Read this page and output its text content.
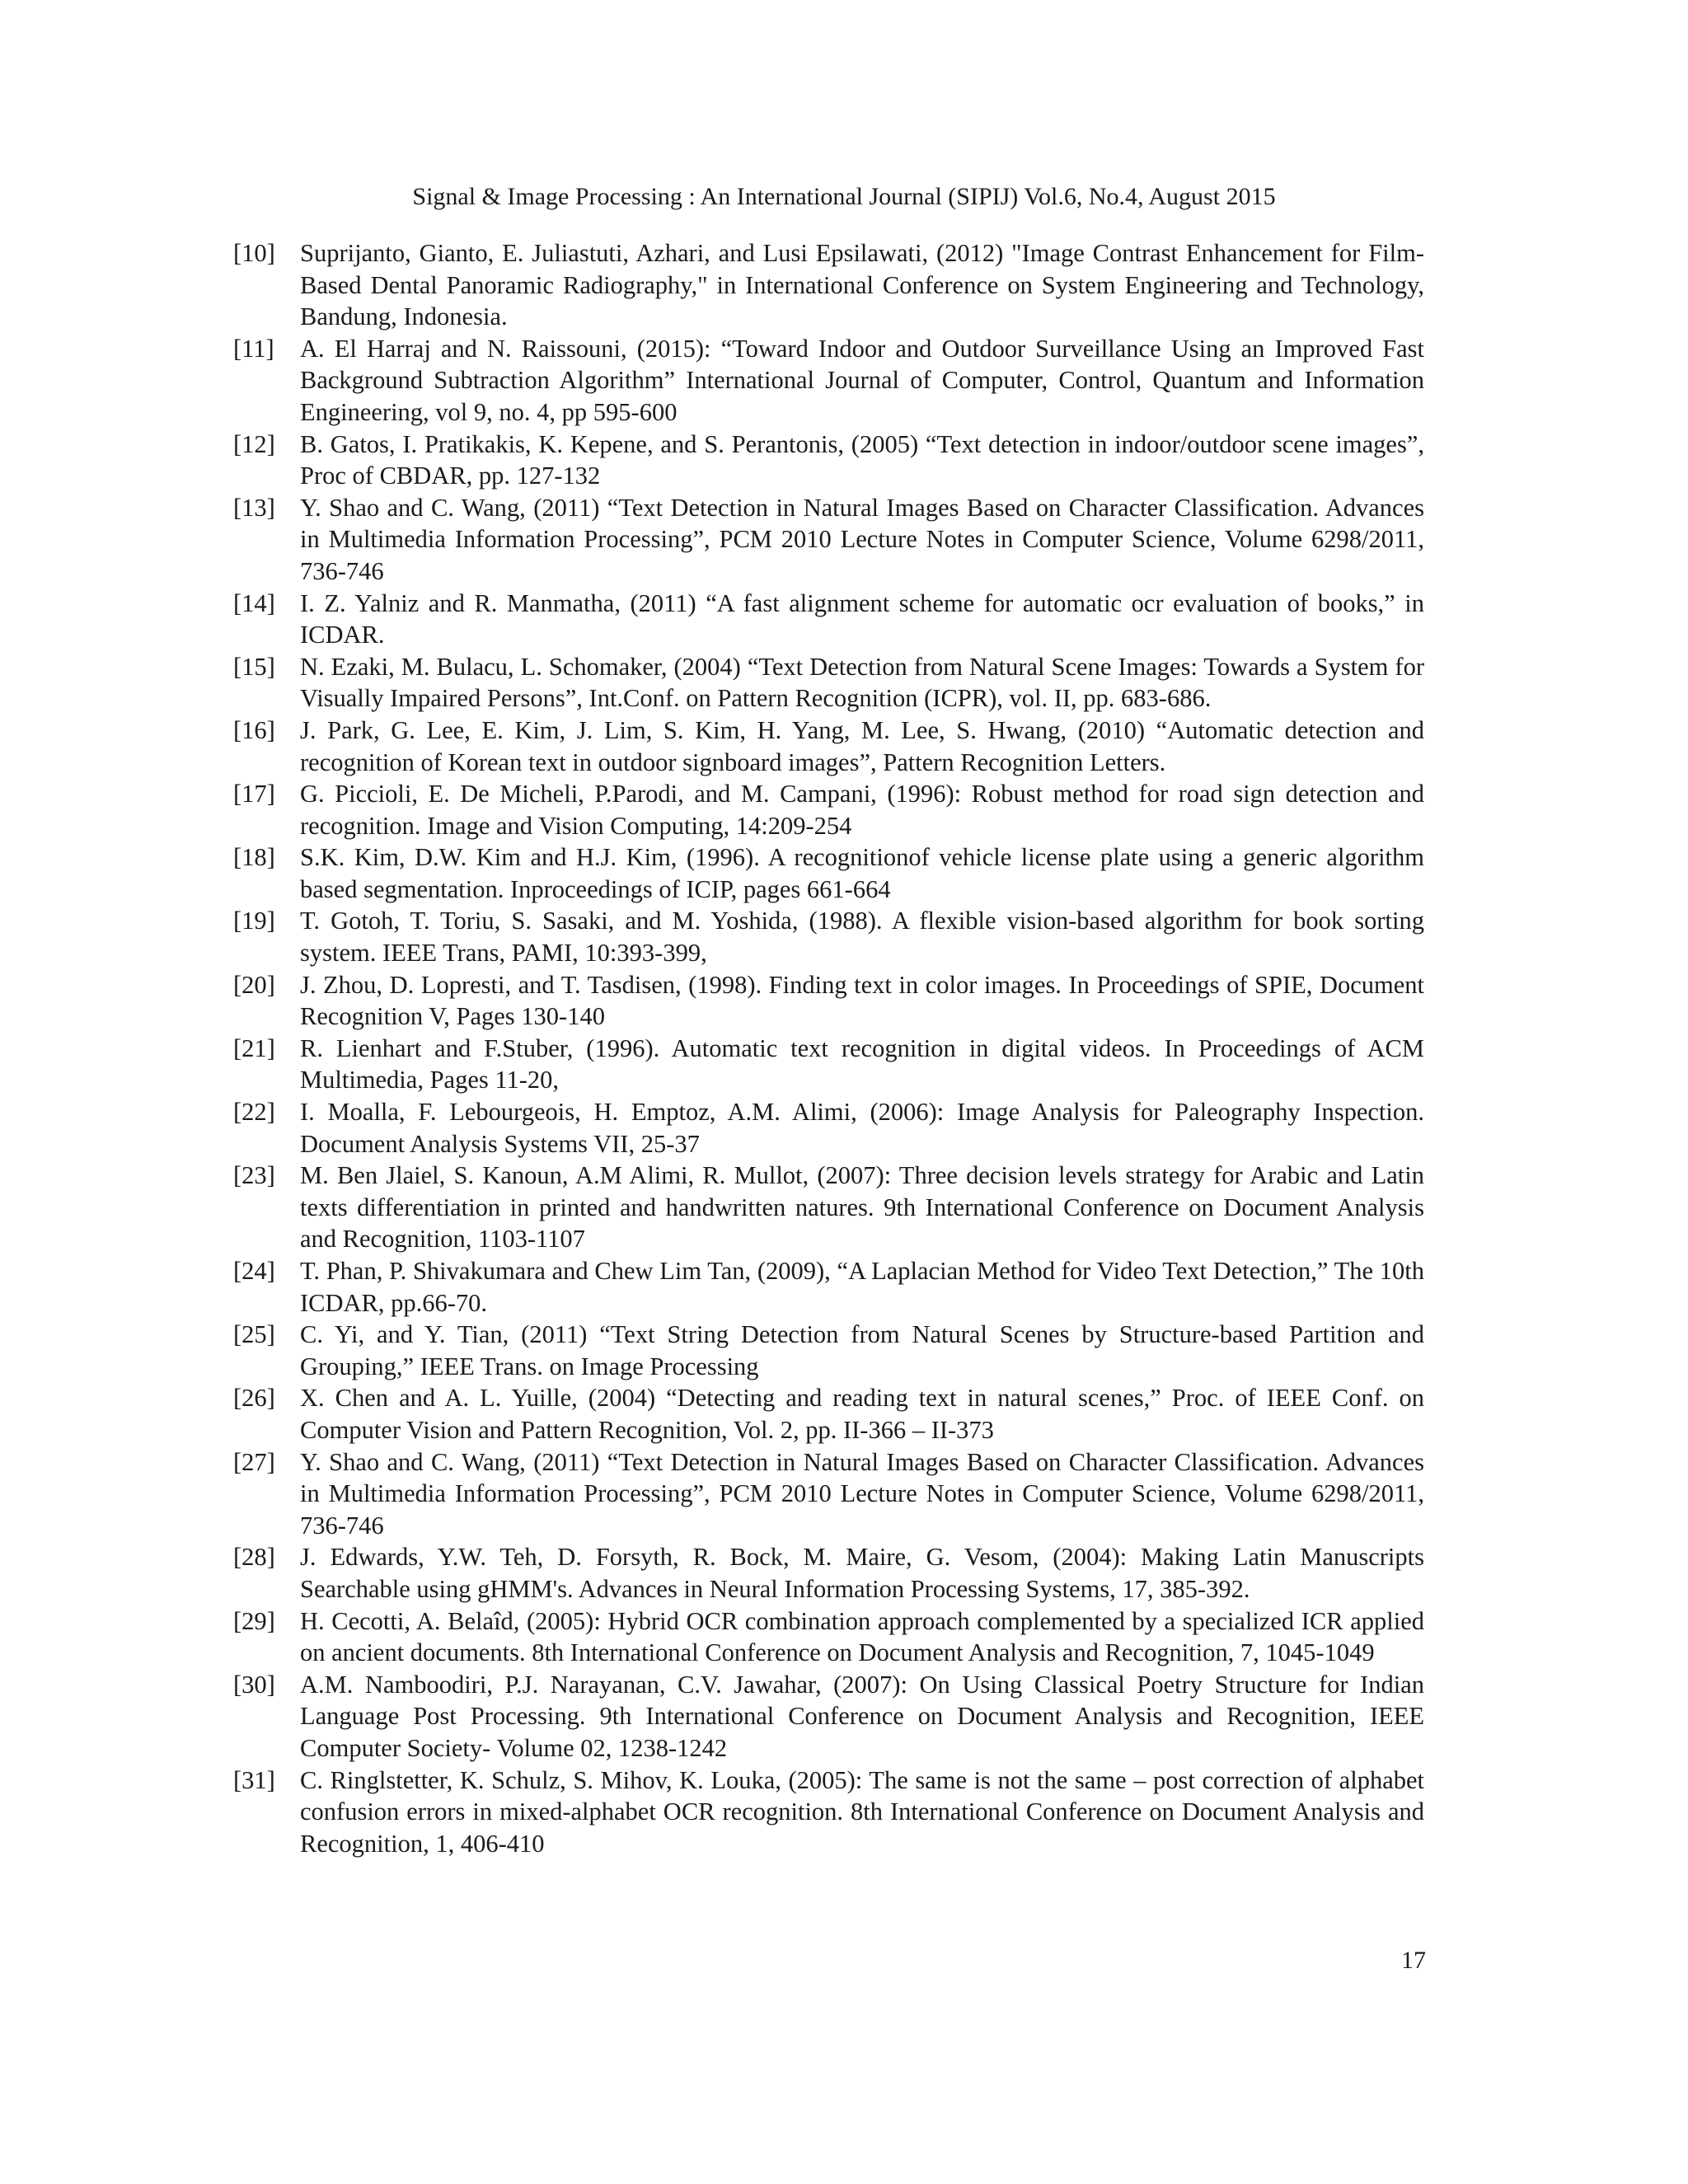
Signal & Image Processing : An International Journal (SIPIJ) Vol.6, No.4, August 2015
[10] Suprijanto, Gianto, E. Juliastuti, Azhari, and Lusi Epsilawati, (2012) "Image Contrast Enhancement for Film-Based Dental Panoramic Radiography," in International Conference on System Engineering and Technology, Bandung, Indonesia.
[11]	A. El Harraj and N. Raissouni, (2015): “Toward Indoor and Outdoor Surveillance Using an Improved Fast Background Subtraction Algorithm” International Journal of Computer, Control, Quantum and Information Engineering, vol 9, no. 4, pp 595-600
[12] B. Gatos, I. Pratikakis, K. Kepene, and S. Perantonis, (2005) “Text detection in indoor/outdoor scene images”, Proc of CBDAR, pp. 127-132
[13] Y. Shao and C. Wang, (2011) “Text Detection in Natural Images Based on Character Classification. Advances in Multimedia Information Processing”, PCM 2010 Lecture Notes in Computer Science, Volume 6298/2011, 736-746
[14] I. Z. Yalniz and R. Manmatha, (2011) “A fast alignment scheme for automatic ocr evaluation of books,” in ICDAR.
[15] N. Ezaki, M. Bulacu, L. Schomaker, (2004) “Text Detection from Natural Scene Images: Towards a System for Visually Impaired Persons”, Int.Conf. on Pattern Recognition (ICPR), vol. II, pp. 683-686.
[16] J. Park, G. Lee, E. Kim, J. Lim, S. Kim, H. Yang, M. Lee, S. Hwang, (2010) “Automatic detection and recognition of Korean text in outdoor signboard images”, Pattern Recognition Letters.
[17] G. Piccioli, E. De Micheli, P.Parodi, and M. Campani, (1996): Robust method for road sign detection and recognition. Image and Vision Computing, 14:209-254
[18] S.K. Kim, D.W. Kim and H.J. Kim, (1996). A recognitionof vehicle license plate using a generic algorithm based segmentation. Inproceedings of ICIP, pages 661-664
[19] T. Gotoh, T. Toriu, S. Sasaki, and M. Yoshida, (1988). A flexible vision-based algorithm for book sorting system. IEEE Trans, PAMI, 10:393-399,
[20] J. Zhou, D. Lopresti, and T. Tasdisen, (1998). Finding text in color images. In Proceedings of SPIE, Document Recognition V, Pages 130-140
[21] R. Lienhart and F.Stuber, (1996). Automatic text recognition in digital videos. In Proceedings of ACM Multimedia, Pages 11-20,
[22] I. Moalla, F. Lebourgeois, H. Emptoz, A.M. Alimi, (2006): Image Analysis for Paleography Inspection. Document Analysis Systems VII, 25-37
[23] M. Ben Jlaiel, S. Kanoun, A.M Alimi, R. Mullot, (2007): Three decision levels strategy for Arabic and Latin texts differentiation in printed and handwritten natures. 9th International Conference on Document Analysis and Recognition, 1103-1107
[24] T. Phan, P. Shivakumara and Chew Lim Tan, (2009), “A Laplacian Method for Video Text Detection,” The 10th ICDAR, pp.66-70.
[25] C. Yi, and Y. Tian, (2011) “Text String Detection from Natural Scenes by Structure-based Partition and Grouping,” IEEE Trans. on Image Processing
[26] X. Chen and A. L. Yuille, (2004) “Detecting and reading text in natural scenes,” Proc. of IEEE Conf. on Computer Vision and Pattern Recognition, Vol. 2, pp. II-366 – II-373
[27] Y. Shao and C. Wang, (2011) “Text Detection in Natural Images Based on Character Classification. Advances in Multimedia Information Processing”, PCM 2010 Lecture Notes in Computer Science, Volume 6298/2011, 736-746
[28] J. Edwards, Y.W. Teh, D. Forsyth, R. Bock, M. Maire, G. Vesom, (2004): Making Latin Manuscripts Searchable using gHMM's. Advances in Neural Information Processing Systems, 17, 385-392.
[29] H. Cecotti, A. Belaîd, (2005): Hybrid OCR combination approach complemented by a specialized ICR applied on ancient documents. 8th International Conference on Document Analysis and Recognition, 7, 1045-1049
[30] A.M. Namboodiri, P.J. Narayanan, C.V. Jawahar, (2007): On Using Classical Poetry Structure for Indian Language Post Processing. 9th International Conference on Document Analysis and Recognition, IEEE Computer Society- Volume 02, 1238-1242
[31] C. Ringlstetter, K. Schulz, S. Mihov, K. Louka, (2005): The same is not the same – post correction of alphabet confusion errors in mixed-alphabet OCR recognition. 8th International Conference on Document Analysis and Recognition, 1, 406-410
17
